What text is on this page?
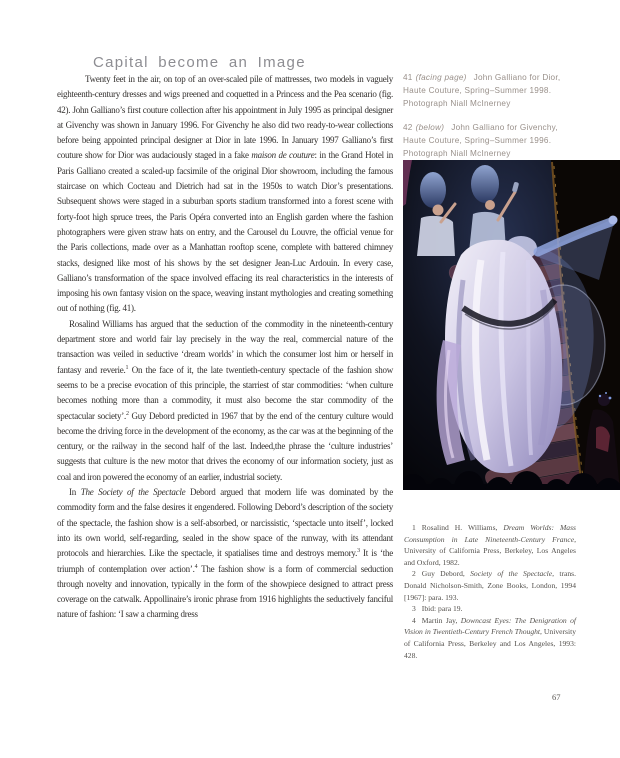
Capital become an Image

Twenty feet in the air, on top of an over-scaled pile of mattresses, two models in vaguely eighteenth-century dresses and wigs preened and coquetted in a Princess and the Pea scenario (fig. 42). John Galliano’s first couture collection after his appointment in July 1995 as principal designer at Givenchy was shown in January 1996. For Givenchy he also did two ready-to-wear collections before being appointed principal designer at Dior in late 1996. In January 1997 Galliano’s first couture show for Dior was audaciously staged in a fake maison de couture: in the Grand Hotel in Paris Galliano created a scaled-up facsimile of the original Dior showroom, including the famous staircase on which Cocteau and Dietrich had sat in the 1950s to watch Dior’s presentations. Subsequent shows were staged in a suburban sports stadium transformed into a forest scene with forty-foot high spruce trees, the Paris Opéra converted into an English garden where the fashion photographers were given straw hats on entry, and the Carousel du Louvre, the official venue for the Paris collections, made over as a Manhattan rooftop scene, complete with battered chimney stacks, designed like most of his shows by the set designer Jean-Luc Ardouin. In every case, Galliano’s transformation of the space involved effacing its real characteristics in the interests of imposing his own fantasy vision on the space, weaving instant mythologies and creating something out of nothing (fig. 41).

Rosalind Williams has argued that the seduction of the commodity in the nineteenth-century department store and world fair lay precisely in the way the real, commercial nature of the transaction was veiled in seductive ‘dream worlds’ in which the consumer lost him or herself in fantasy and reverie.$^1$ On the face of it, the late twentieth-century spectacle of the fashion show seems to be a precise evocation of this principle, the starriest of star commodities: ‘when culture becomes nothing more than a commodity, it must also become the star commodity of the spectacular society’.$^2$ Guy Debord predicted in 1967 that by the end of the century culture would become the driving force in the development of the economy, as the car was at the beginning of the century, or the railway in the second half of the last. Indeed,the phrase the ‘culture industries’ suggests that culture is the new motor that drives the economy of our information society, just as coal and iron powered the economy of an earlier, industrial society.

In The Society of the Spectacle Debord argued that modern life was dominated by the commodity form and the false desires it engendered. Following Debord’s description of the society of the spectacle, the fashion show is a self-absorbed, or narcissistic, ‘spectacle unto itself’, locked into its own world, self-regarding, sealed in the show space of the runway, with its attendant protocols and hierarchies. Like the spectacle, it spatialises time and destroys memory.$^3$ It is ‘the triumph of contemplation over action’.$^4$ The fashion show is a form of commercial seduction through novelty and innovation, typically in the form of the showpiece designed to attract press coverage on the catwalk. Appollinaire’s ironic phrase from 1916 highlights the seductively fanciful nature of fashion: ‘I saw a charming dress

41 (facing page) John Galliano for Dior, Haute Couture, Spring–Summer 1998. Photograph Niall McInerney
42 (below) John Galliano for Givenchy, Haute Couture, Spring–Summer 1996. Photograph Niall McInerney

1 Rosalind H. Williams, Dream Worlds: Mass Consumption in Late Nineteenth-Century France, University of California Press, Berkeley, Los Angeles and Oxford, 1982.

2 Guy Debord, Society of the Spectacle, trans. Donald Nicholson-Smith, Zone Books, London, 1994 [1967]: para. 193.

3 Ibid: para 19.

4 Martin Jay, Downcast Eyes: The Denigration of Vision in Twentieth-Century French Thought, University of California Press, Berkeley and Los Angeles, 1993: 428.

67
